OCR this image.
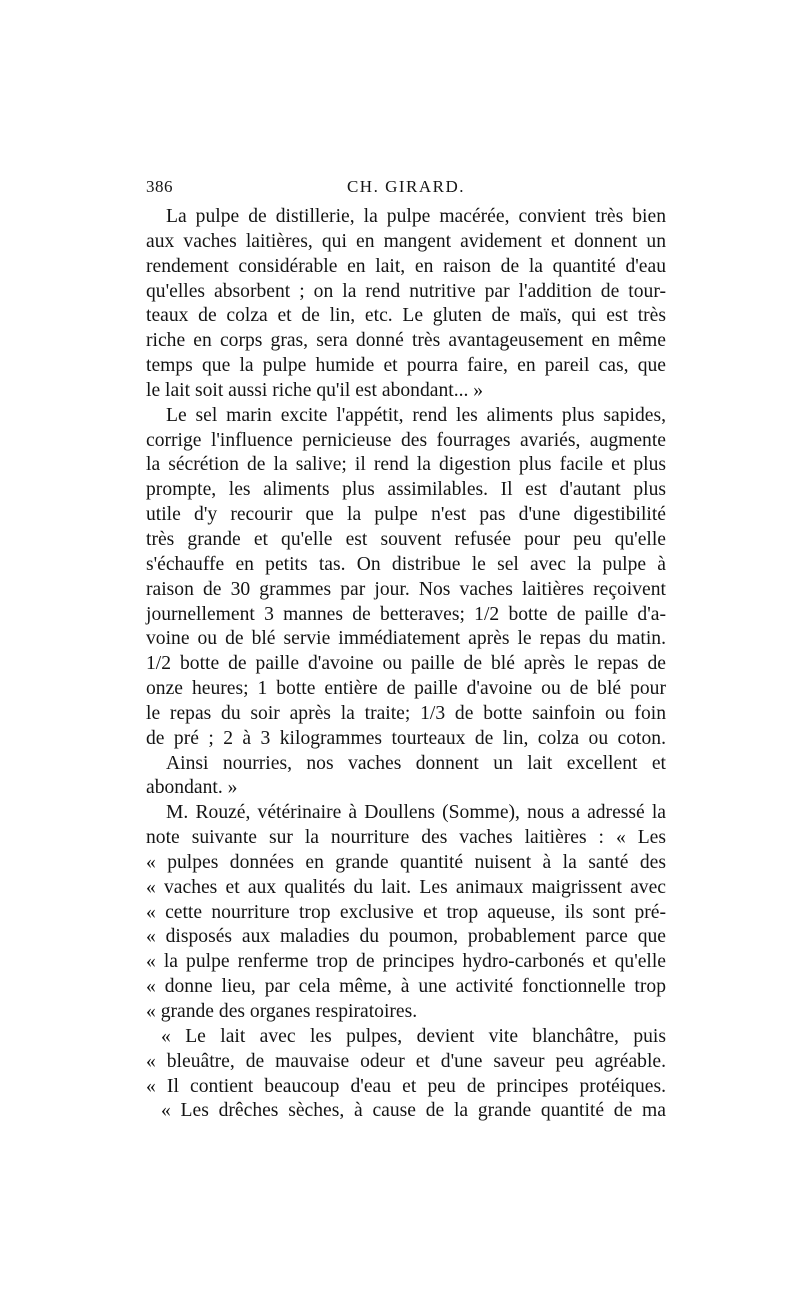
386	CH. GIRARD.
La pulpe de distillerie, la pulpe macérée, convient très bien
aux vaches laitières, qui en mangent avidement et donnent un
rendement considérable en lait, en raison de la quantité d'eau
qu'elles absorbent ; on la rend nutritive par l'addition de tour-
teaux de colza et de lin, etc. Le gluten de maïs, qui est très
riche en corps gras, sera donné très avantageusement en même
temps que la pulpe humide et pourra faire, en pareil cas, que
le lait soit aussi riche qu'il est abondant... »
Le sel marin excite l'appétit, rend les aliments plus sapides,
corrige l'influence pernicieuse des fourrages avariés, augmente
la sécrétion de la salive; il rend la digestion plus facile et plus
prompte, les aliments plus assimilables. Il est d'autant plus
utile d'y recourir que la pulpe n'est pas d'une digestibilité
très grande et qu'elle est souvent refusée pour peu qu'elle
s'échauffe en petits tas. On distribue le sel avec la pulpe à
raison de 30 grammes par jour. Nos vaches laitières reçoivent
journellement 3 mannes de betteraves; 1/2 botte de paille d'a-
voine ou de blé servie immédiatement après le repas du matin.
1/2 botte de paille d'avoine ou paille de blé après le repas de
onze heures; 1 botte entière de paille d'avoine ou de blé pour
le repas du soir après la traite; 1/3 de botte sainfoin ou foin
de pré ; 2 à 3 kilogrammes tourteaux de lin, colza ou coton.
Ainsi nourries, nos vaches donnent un lait excellent et
abondant. »
M. Rouzé, vétérinaire à Doullens (Somme), nous a adressé la
note suivante sur la nourriture des vaches laitières : « Les
« pulpes données en grande quantité nuisent à la santé des
« vaches et aux qualités du lait. Les animaux maigrissent avec
« cette nourriture trop exclusive et trop aqueuse, ils sont pré-
« disposés aux maladies du poumon, probablement parce que
« la pulpe renferme trop de principes hydro-carbonés et qu'elle
« donne lieu, par cela même, à une activité fonctionnelle trop
« grande des organes respiratoires.
« Le lait avec les pulpes, devient vite blanchâtre, puis
« bleuâtre, de mauvaise odeur et d'une saveur peu agréable.
« Il contient beaucoup d'eau et peu de principes protéiques.
« Les drêches sèches, à cause de la grande quantité de ma
